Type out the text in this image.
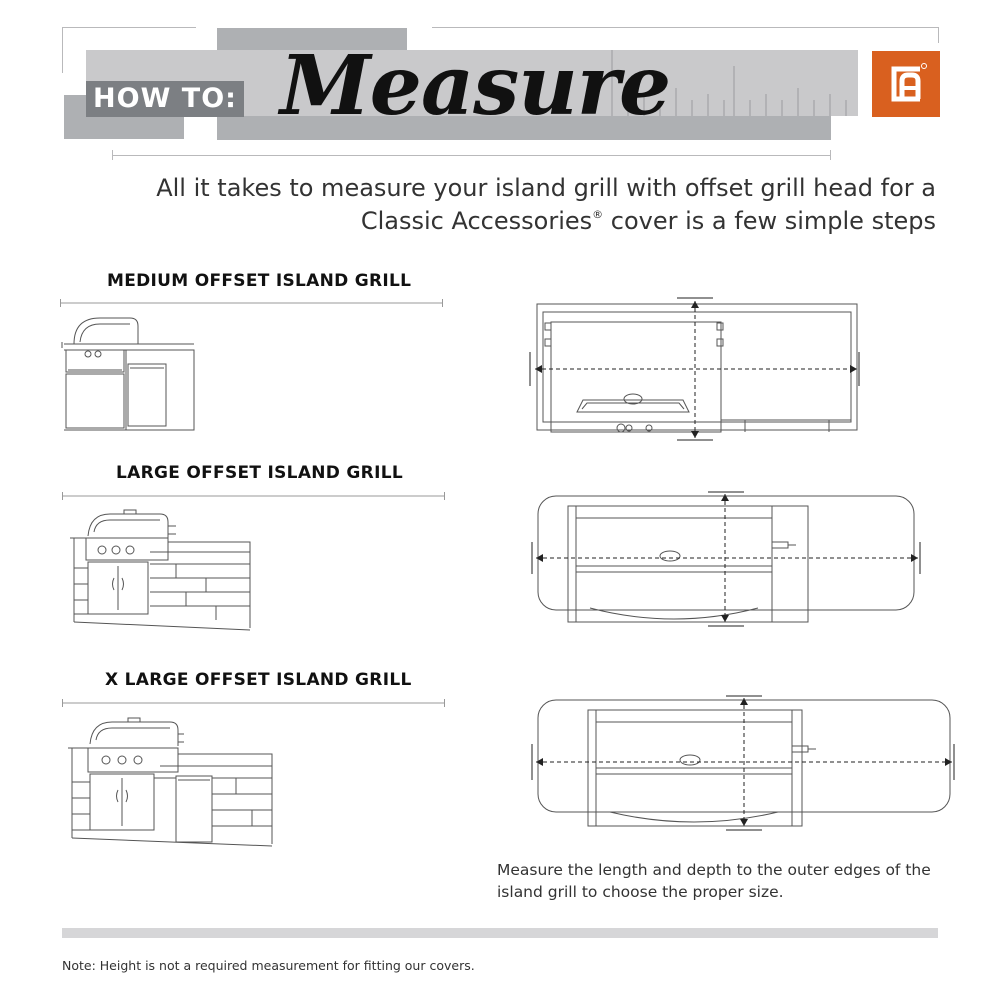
HOW TO: Measure
All it takes to measure your island grill with offset grill head for a
Classic Accessories® cover is a few simple steps
MEDIUM OFFSET ISLAND GRILL
LARGE OFFSET ISLAND GRILL
X LARGE OFFSET ISLAND GRILL
Measure the length and depth to the outer edges of the island grill to choose the proper size.
Note: Height is not a required measurement for fitting our covers.
